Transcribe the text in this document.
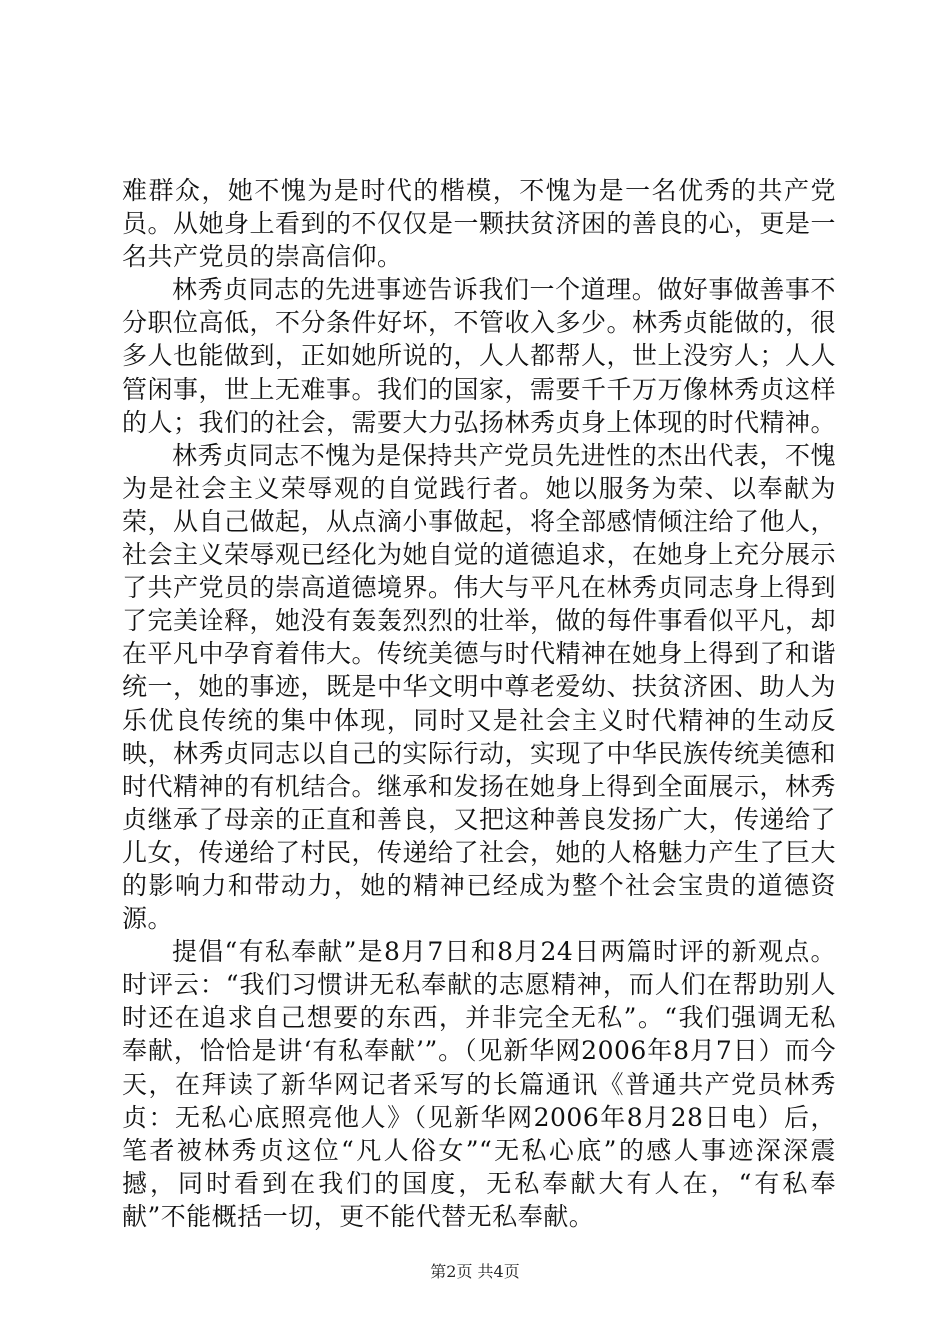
难群众，她不愧为是时代的楷模，不愧为是一名优秀的共产党员。从她身上看到的不仅仅是一颗扶贫济困的善良的心，更是一名共产党员的崇高信仰。

林秀贞同志的先进事迹告诉我们一个道理。做好事做善事不分职位高低，不分条件好坏，不管收入多少。林秀贞能做的，很多人也能做到，正如她所说的，人人都帮人，世上没穷人；人人管闲事，世上无难事。我们的国家，需要千千万万像林秀贞这样的人；我们的社会，需要大力弘扬林秀贞身上体现的时代精神。

林秀贞同志不愧为是保持共产党员先进性的杰出代表，不愧为是社会主义荣辱观的自觉践行者。她以服务为荣、以奉献为荣，从自己做起，从点滴小事做起，将全部感情倾注给了他人，社会主义荣辱观已经化为她自觉的道德追求，在她身上充分展示了共产党员的崇高道德境界。伟大与平凡在林秀贞同志身上得到了完美诠释，她没有轰轰烈烈的壮举，做的每件事看似平凡，却在平凡中孕育着伟大。传统美德与时代精神在她身上得到了和谐统一，她的事迹，既是中华文明中尊老爱幼、扶贫济困、助人为乐优良传统的集中体现，同时又是社会主义时代精神的生动反映，林秀贞同志以自己的实际行动，实现了中华民族传统美德和时代精神的有机结合。继承和发扬在她身上得到全面展示，林秀贞继承了母亲的正直和善良，又把这种善良发扬广大，传递给了儿女，传递给了村民，传递给了社会，她的人格魅力产生了巨大的影响力和带动力，她的精神已经成为整个社会宝贵的道德资源。

提倡“有私奉献”是8月7日和8月24日两篇时评的新观点。时评云：“我们习惯讲无私奉献的志愿精神，而人们在帮助别人时还在追求自己想要的东西，并非完全无私”。“我们强调无私奉献，恰恰是讲‘有私奉献’”。（见新华网2006年8月7日）而今天，在拜读了新华网记者采写的长篇通讯《普通共产党员林秀贞：无私心底照亮他人》（见新华网2006年8月28日电）后，笔者被林秀贞这位“凡人俗女”“无私心底”的感人事迹深深震撼，同时看到在我们的国度，无私奉献大有人在，“有私奉献”不能概括一切，更不能代替无私奉献。

第2页 共4页
